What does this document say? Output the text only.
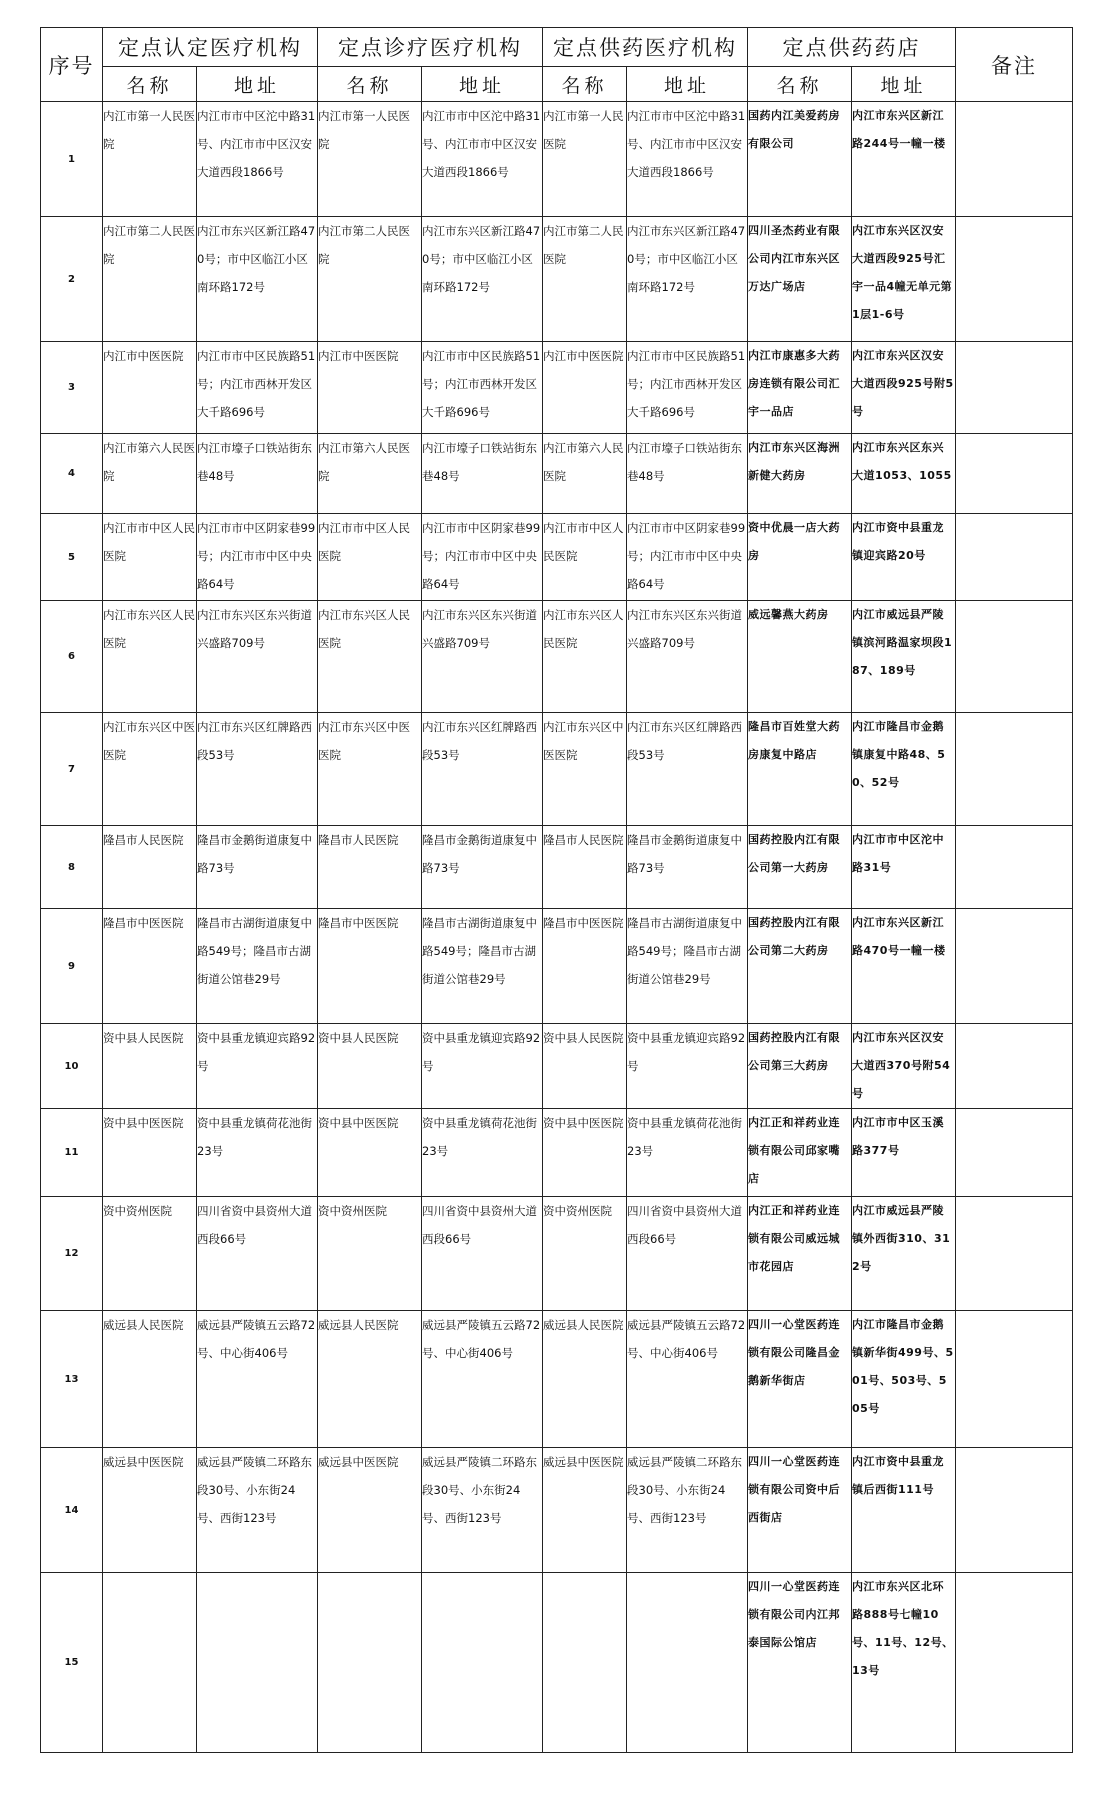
序号	定点认定医疗机构		定点诊疗医疗机构		定点供药医疗机构		定点供药药店		备注
	名称	地址	名称	地址	名称	地址	名称	地址	
1	内江市第一人民医院	内江市市中区沱中路31号、内江市市中区汉安大道西段1866号	内江市第一人民医院	内江市市中区沱中路31号、内江市市中区汉安大道西段1866号	内江市第一人民医院	内江市市中区沱中路31号、内江市市中区汉安大道西段1866号	国药内江美爱药房有限公司	内江市东兴区新江路244号一幢一楼	

2	内江市第二人民医院	内江市东兴区新江路470号；市中区临江小区南环路172号	内江市第二人民医院	内江市东兴区新江路470号；市中区临江小区南环路172号	内江市第二人民医院	内江市东兴区新江路470号；市中区临江小区南环路172号	四川圣杰药业有限公司内江市东兴区万达广场店	内江市东兴区汉安大道西段925号汇宇一品4幢无单元第1层1-6号	

3	内江市中医医院	内江市市中区民族路51号；内江市西林开发区大千路696号	内江市中医医院	内江市市中区民族路51号；内江市西林开发区大千路696号	内江市中医医院	内江市市中区民族路51号；内江市西林开发区大千路696号	内江市康惠多大药房连锁有限公司汇宇一品店	内江市东兴区汉安大道西段925号附5号	

4	内江市第六人民医院	内江市壕子口铁站街东巷48号	内江市第六人民医院	内江市壕子口铁站街东巷48号	内江市第六人民医院	内江市壕子口铁站街东巷48号	内江市东兴区海洲新健大药房	内江市东兴区东兴大道1053、1055	

5	内江市市中区人民医院	内江市市中区阴家巷99号；内江市市中区中央路64号	内江市市中区人民医院	内江市市中区阴家巷99号；内江市市中区中央路64号	内江市市中区人民医院	内江市市中区阴家巷99号；内江市市中区中央路64号	资中优晨一店大药房	内江市资中县重龙镇迎宾路20号	

6	内江市东兴区人民医院	内江市东兴区东兴街道兴盛路709号	内江市东兴区人民医院	内江市东兴区东兴街道兴盛路709号	内江市东兴区人民医院	内江市东兴区东兴街道兴盛路709号	威远馨燕大药房	内江市威远县严陵镇滨河路温家坝段187、189号	

7	内江市东兴区中医医院	内江市东兴区红牌路西段53号	内江市东兴区中医医院	内江市东兴区红牌路西段53号	内江市东兴区中医医院	内江市东兴区红牌路西段53号	隆昌市百姓堂大药房康复中路店	内江市隆昌市金鹅镇康复中路48、50、52号	

8	隆昌市人民医院	隆昌市金鹅街道康复中路73号	隆昌市人民医院	隆昌市金鹅街道康复中路73号	隆昌市人民医院	隆昌市金鹅街道康复中路73号	国药控股内江有限公司第一大药房	内江市市中区沱中路31号	

9	隆昌市中医医院	隆昌市古湖街道康复中路549号；隆昌市古湖街道公馆巷29号	隆昌市中医医院	隆昌市古湖街道康复中路549号；隆昌市古湖街道公馆巷29号	隆昌市中医医院	隆昌市古湖街道康复中路549号；隆昌市古湖街道公馆巷29号	国药控股内江有限公司第二大药房	内江市东兴区新江路470号一幢一楼	

10	资中县人民医院	资中县重龙镇迎宾路92号	资中县人民医院	资中县重龙镇迎宾路92号	资中县人民医院	资中县重龙镇迎宾路92号	国药控股内江有限公司第三大药房	内江市东兴区汉安大道西370号附54号	

11	资中县中医医院	资中县重龙镇荷花池街23号	资中县中医医院	资中县重龙镇荷花池街23号	资中县中医医院	资中县重龙镇荷花池街23号	内江正和祥药业连锁有限公司邱家嘴店	内江市市中区玉溪路377号	

12	资中资州医院	四川省资中县资州大道西段66号	资中资州医院	四川省资中县资州大道西段66号	资中资州医院	四川省资中县资州大道西段66号	内江正和祥药业连锁有限公司威远城市花园店	内江市威远县严陵镇外西街310、312号	

13	威远县人民医院	威远县严陵镇五云路72号、中心街406号	威远县人民医院	威远县严陵镇五云路72号、中心街406号	威远县人民医院	威远县严陵镇五云路72号、中心街406号	四川一心堂医药连锁有限公司隆昌金鹅新华街店	内江市隆昌市金鹅镇新华街499号、501号、503号、505号	

14	威远县中医医院	威远县严陵镇二环路东段30号、小东街24号、西街123号	威远县中医医院	威远县严陵镇二环路东段30号、小东街24号、西街123号	威远县中医医院	威远县严陵镇二环路东段30号、小东街24号、西街123号	四川一心堂医药连锁有限公司资中后西街店	内江市资中县重龙镇后西街111号	

15							四川一心堂医药连锁有限公司内江邦泰国际公馆店	内江市东兴区北环路888号七幢10号、11号、12号、13号	
